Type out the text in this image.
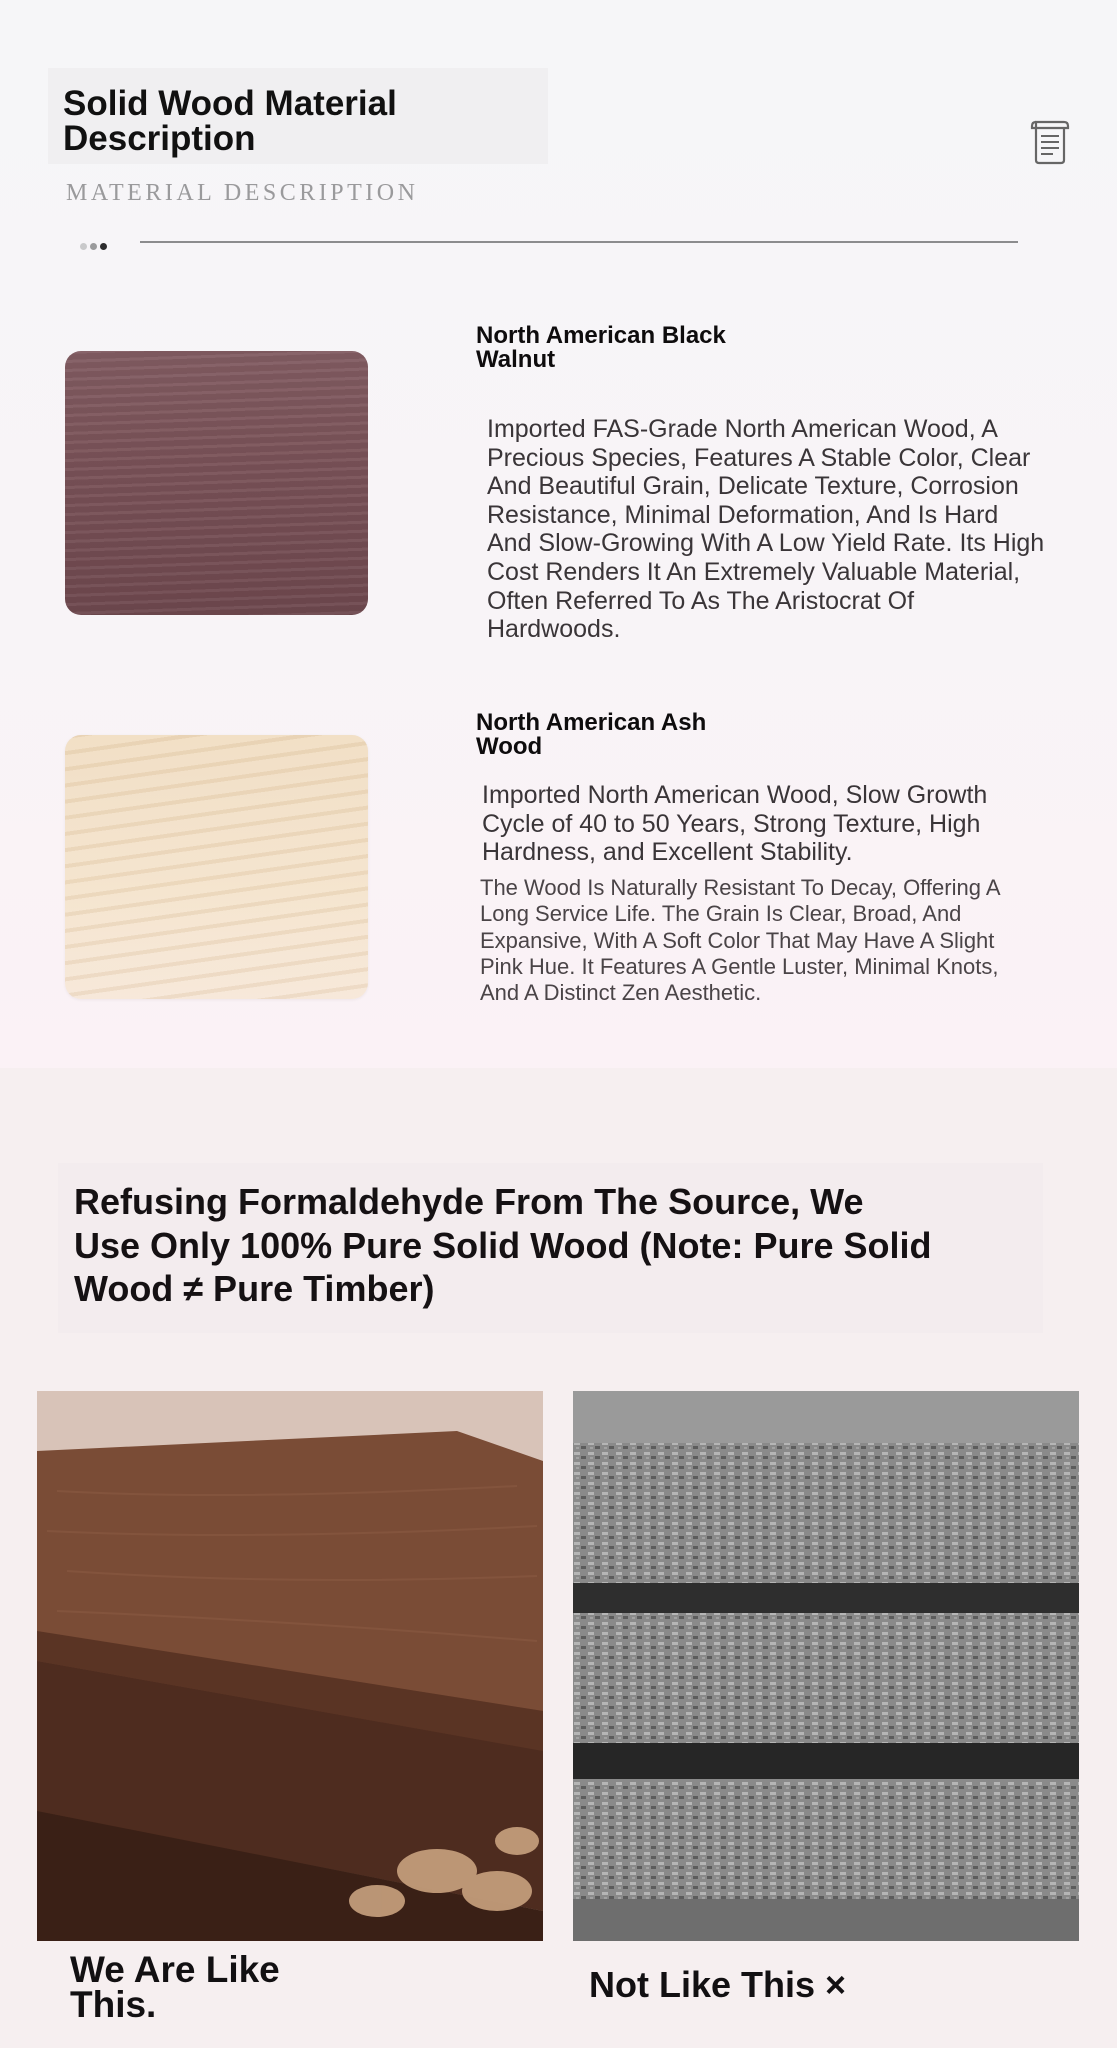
Solid Wood Material Description
MATERIAL DESCRIPTION
North American Black Walnut

Imported FAS-Grade North American Wood, A Precious Species, Features A Stable Color, Clear And Beautiful Grain, Delicate Texture, Corrosion Resistance, Minimal Deformation, And Is Hard And Slow-Growing With A Low Yield Rate. Its High Cost Renders It An Extremely Valuable Material, Often Referred To As The Aristocrat Of Hardwoods.

North American Ash Wood

Imported North American Wood, Slow Growth Cycle of 40 to 50 Years, Strong Texture, High Hardness, and Excellent Stability.

The Wood Is Naturally Resistant To Decay, Offering A Long Service Life. The Grain Is Clear, Broad, And Expansive, With A Soft Color That May Have A Slight Pink Hue. It Features A Gentle Luster, Minimal Knots, And A Distinct Zen Aesthetic.

Refusing Formaldehyde From The Source, We Use Only 100% Pure Solid Wood (Note: Pure Solid Wood ≠ Pure Timber)
We Are Like This.	Not Like This ×
